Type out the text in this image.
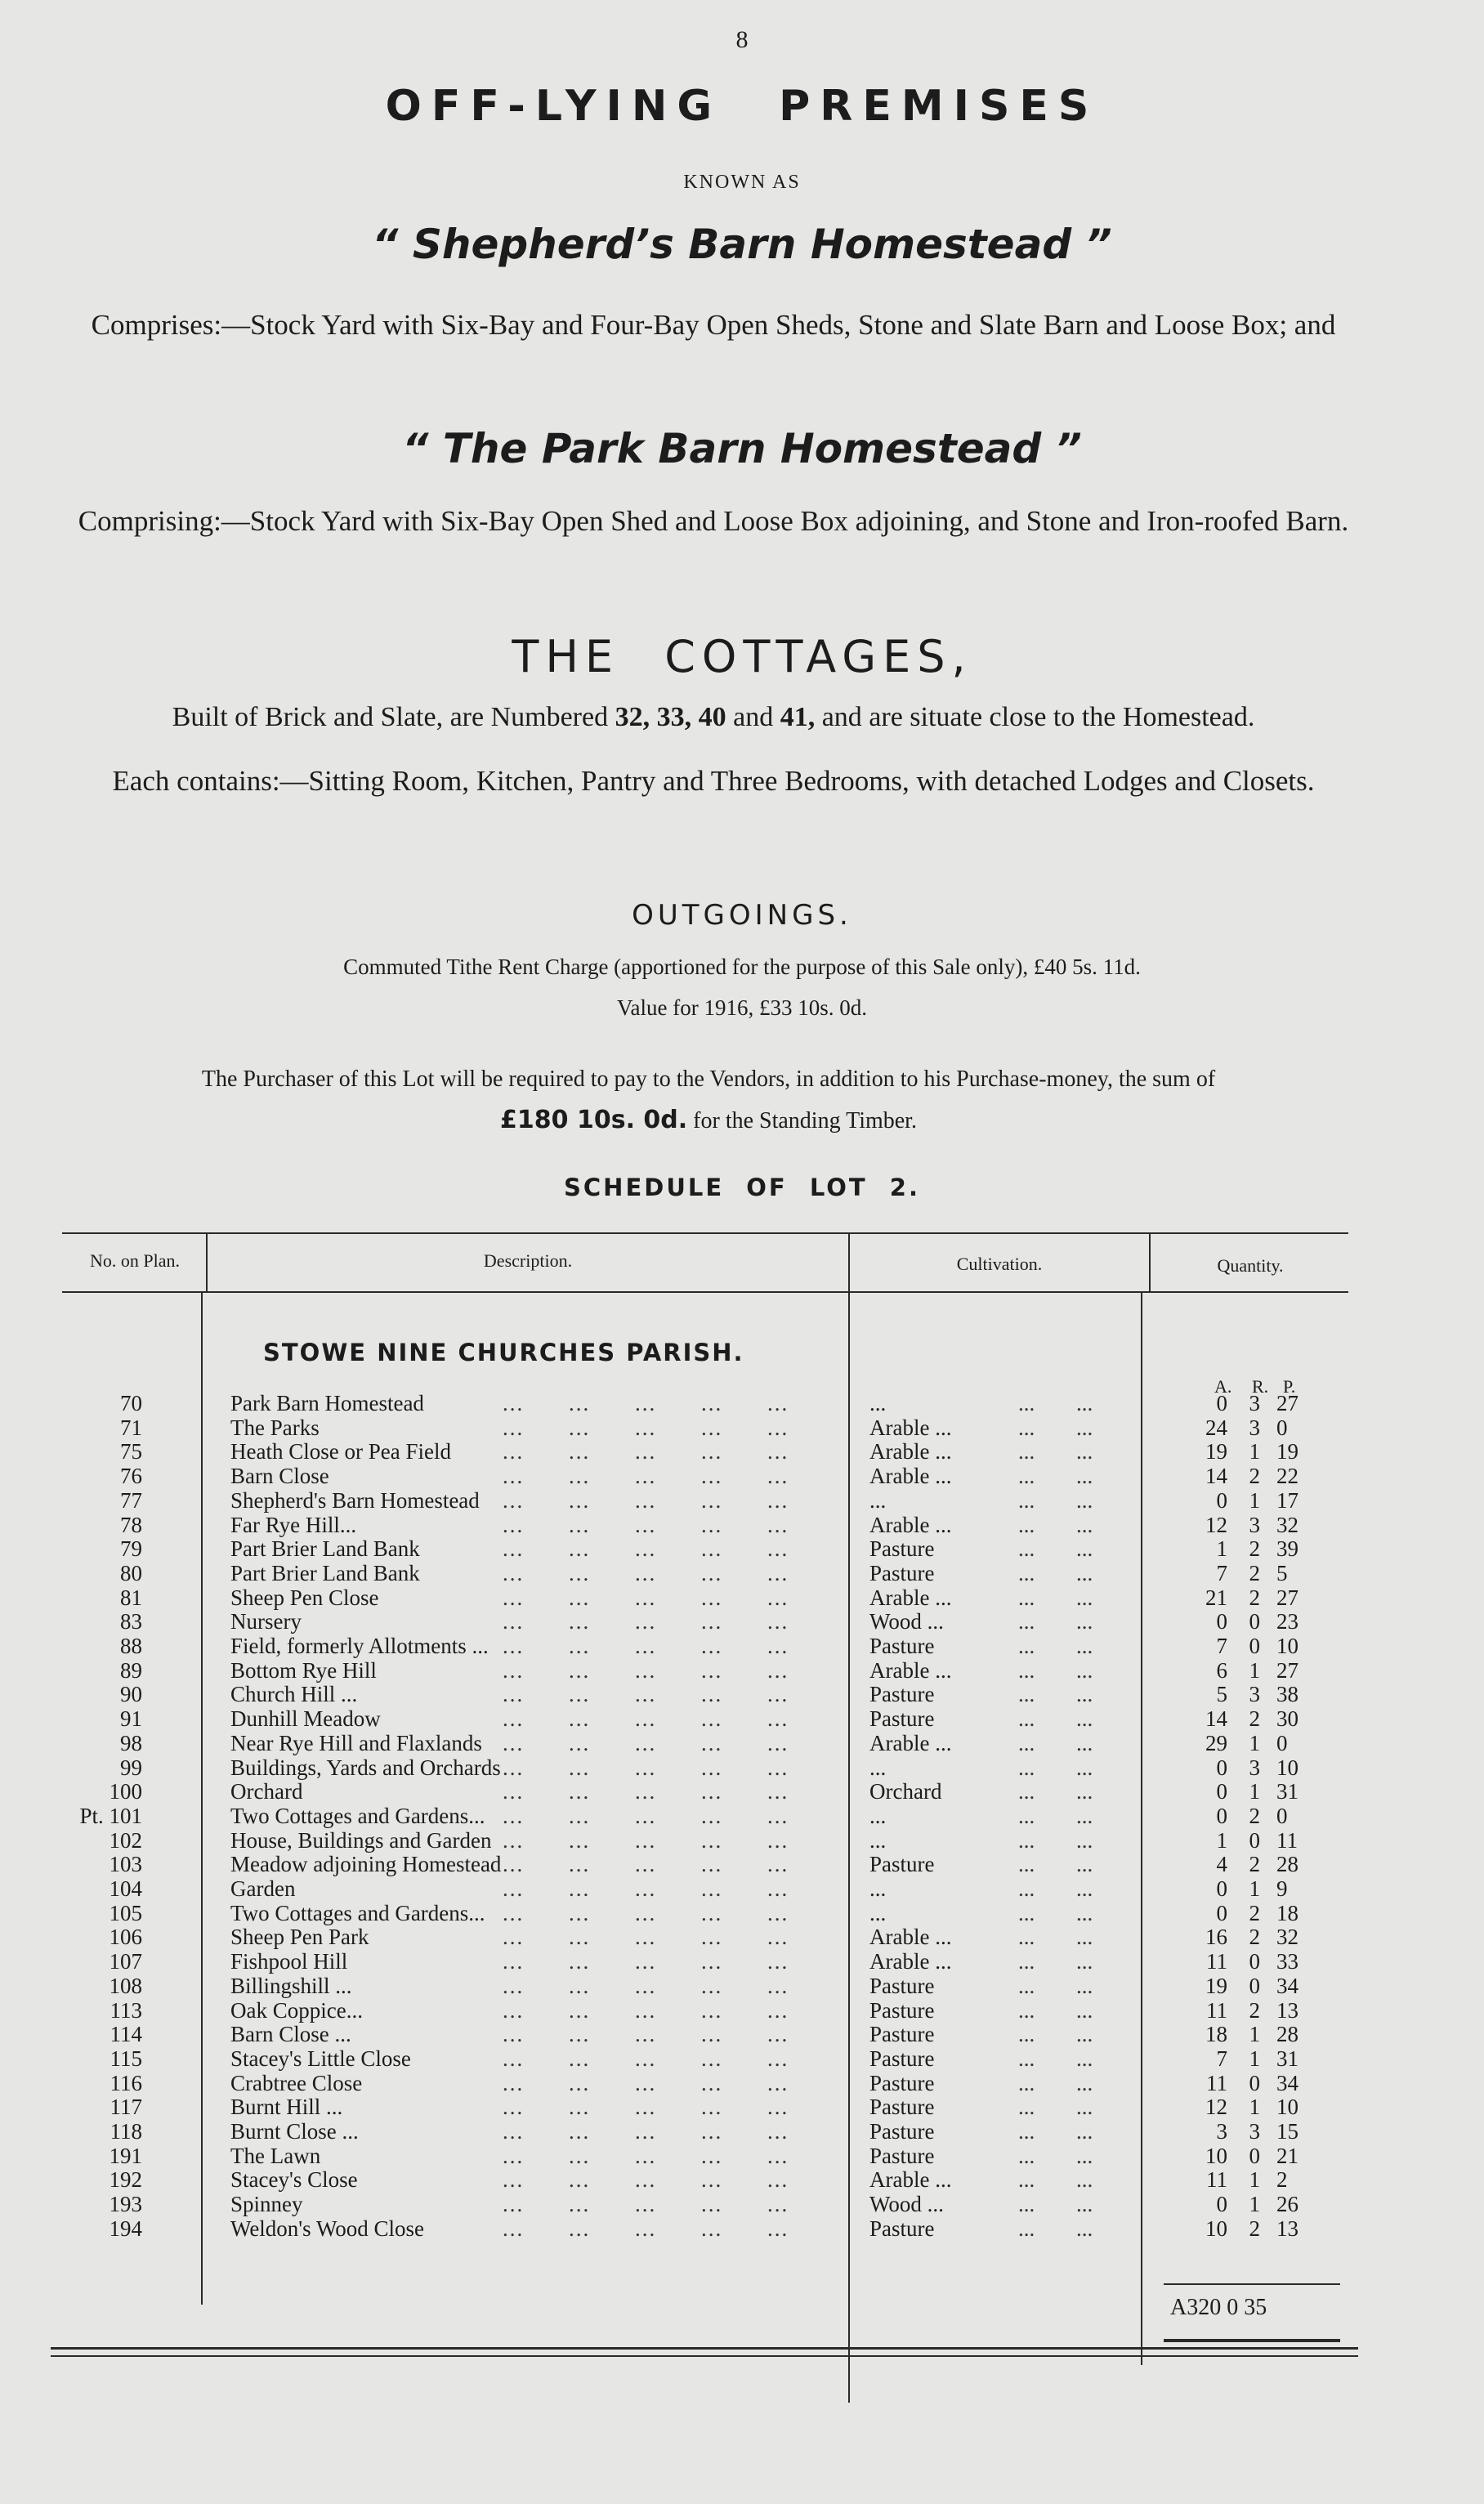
8
OFF-LYING PREMISES
KNOWN AS
“ Shepherd’s Barn Homestead ”
Comprises:—Stock Yard with Six-Bay and Four-Bay Open Sheds, Stone and Slate Barn and Loose Box; and
“ The Park Barn Homestead ”
Comprising:—Stock Yard with Six-Bay Open Shed and Loose Box adjoining, and Stone and Iron-roofed Barn.
THE COTTAGES,
Built of Brick and Slate, are Numbered 32, 33, 40 and 41, and are situate close to the Homestead.
Each contains:—Sitting Room, Kitchen, Pantry and Three Bedrooms, with detached Lodges and Closets.
OUTGOINGS.
Commuted Tithe Rent Charge (apportioned for the purpose of this Sale only), £40 5s. 11d.
Value for 1916, £33 10s. 0d.
The Purchaser of this Lot will be required to pay to the Vendors, in addition to his Purchase-money, the sum of
£180 10s. 0d. for the Standing Timber.
SCHEDULE OF LOT 2.
No. on Plan.	Description.	Cultivation.	Quantity.
STOWE NINE CHURCHES PARISH.
A. R. P.
70	Park Barn Homestead	... ... ... ... ...	...	... ...	0 3 27
71	The Parks	... ... ... ... ...	Arable ...	... ...	24 3 0
75	Heath Close or Pea Field ... ... ... ... ...	Arable ...	... ...	19 1 19
76	Barn Close	... ... ... ... ...	Arable ...	... ...	14 2 22
77	Shepherd's Barn Homestead ... ... ... ... ...	...	... ...	0 1 17
78	Far Rye Hill...	... ... ... ... ...	Arable ...	... ...	12 3 32
79	Part Brier Land Bank	... ... ... ... ...	Pasture	... ...	1 2 39
80	Part Brier Land Bank	... ... ... ... ...	Pasture	... ...	7 2 5
81	Sheep Pen Close	... ... ... ... ...	Arable ...	... ...	21 2 27
83	Nursery	... ... ... ... ...	Wood ...	... ...	0 0 23
88	Field, formerly Allotments ... ... ... ... ... ...	Pasture	... ...	7 0 10
89	Bottom Rye Hill	... ... ... ... ...	Arable ...	... ...	6 1 27
90	Church Hill ...	... ... ... ... ...	Pasture	... ...	5 3 38
91	Dunhill Meadow	... ... ... ... ...	Pasture	... ...	14 2 30
98	Near Rye Hill and Flaxlands ... ... ... ... ...	Arable ...	... ...	29 1 0
99	Buildings, Yards and Orchards ... ... ... ... ...	...	... ...	0 3 10
100	Orchard	... ... ... ... ...	Orchard	... ...	0 1 31
Pt. 101	Two Cottages and Gardens... ... ... ... ... ...	...	... ...	0 2 0
102	House, Buildings and Garden ... ... ... ... ...	...	... ...	1 0 11
103	Meadow adjoining Homestead ... ... ... ... ...	Pasture	... ...	4 2 28
104	Garden	... ... ... ... ...	...	... ...	0 1 9
105	Two Cottages and Gardens... ... ... ... ... ...	...	... ...	0 2 18
106	Sheep Pen Park	... ... ... ... ...	Arable ...	... ...	16 2 32
107	Fishpool Hill	... ... ... ... ...	Arable ...	... ...	11 0 33
108	Billingshill ...	... ... ... ... ...	Pasture	... ...	19 0 34
113	Oak Coppice...	... ... ... ... ...	Pasture	... ...	11 2 13
114	Barn Close ...	... ... ... ... ...	Pasture	... ...	18 1 28
115	Stacey's Little Close	... ... ... ... ...	Pasture	... ...	7 1 31
116	Crabtree Close	... ... ... ... ...	Pasture	... ...	11 0 34
117	Burnt Hill ...	... ... ... ... ...	Pasture	... ...	12 1 10
118	Burnt Close ...	... ... ... ... ...	Pasture	... ...	3 3 15
191	The Lawn	... ... ... ... ...	Pasture	... ...	10 0 21
192	Stacey's Close	... ... ... ... ...	Arable ...	... ...	11 1 2
193	Spinney	... ... ... ... ...	Wood ...	... ...	0 1 26
194	Weldon's Wood Close	... ... ... ... ...	Pasture	... ...	10 2 13
A320 0 35
